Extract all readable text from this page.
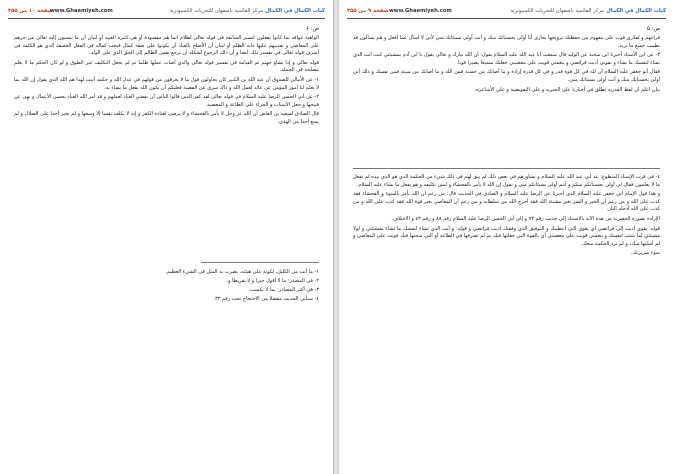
صفحة ۱۰ من ۳۵۵
www.Ghaemiyeh.com	مركز القائمية باصفهان للتحريات الكمبيوترية كتاب الكمال في الكمال

ص: ۶

الواهية عواقه بما كانوا يفعلون لتسير السابقة في قوله تعالى لظلام انما هم مقصودة أو هي كثيرة العبيد أو لبيان أن ما يتسبون إليه تعالى من جرهم على المعاصي و تعذيبهم عليها غاية الظلم أو لبيان أن الأصلح بالعباد أن يكونوا على صفة كمال فيجب كماله في الفعل الخفيفة الذي هو الكلمة في أشرف قوله تعالى في تفسير ذلك أيضا و أن ذلك الرجوع لشكله أن ترجع نفس الظالم إلى الحق الذي على الولد.

قوله تعالى و إذا تشاؤ جهنم ثم القيامة في تفسير قوله تعالى والذي أصاب عملها ظلما ثم لم يجعل التكليف غير الطوق و لو كان الحكم ما لا يعلم مصلحة في الجملة.

١- عن الأمالي للصدوق أن عبد الله بن الكبير كان يحاولون قول ما لا يعرفون من قولهم في عدل الله و حكمه أتيت لهذا هم الله الذي يقول إن الله بما لا يعلم لنا أمور المؤمن عن عائد لعمل الله و ذاك سري عن القضية فعليكم أن يكون الله يفعل ما يشاء به.

٢- عن أبي الحسن الرضا عليه السلام في قوله تعالى لقد كفر الذين قالوا الناس أن يقضي العباد لعملهم و قد أمر الله العباد بحسن الأعمال و نهى عن قبيحها و جعل الأسباب و الجزاء على الطاعة و المعصية.

قال الصادق لسعيد بن العاص أن الله عز وجل لا يأمر بالفحشاء و لا يرضى لعباده الكفر و إنه لا يكلف نفسا إلا وسعها و لم يجبر أحدا على الضلال و لم يمنع أحدا من الهدى.

١- ما أتت من الكليل، لكونه على هيئته، بضرب به المثل في الشيء العظيم.

٢- في المصدر: ما لا أقول خيرا و لا تفريطا و.

٣- في أكثر المصادر: بما لا يكسب.

٤- سيأتي الحديث مفصلا من الاحتجاج تحت رقم ٣٣.

صفحة ۹ من ۳۵۵ www.Ghaemiyeh.com	مركز القائمية باصفهان للتحريات الكمبيوترية كتاب الكمال في الكمال

ص: ۵

فراغهم و يُقدّري قوت على مفهوم بين حفظتك ترويجها يجازى أنا أولى بحسناتك منك و أنت أولى بسيئاتك مني لأنى لا أسأل عما أفعل و هم يسألون قد نظمت جميع ما تريد.

٣- عن ابن الأسناد أخبرنا ابن سحيد عن الوليد قال سمعت أبا عبد الله عليه السلام يقول: أن الله تبارك و تعالى يقول يا ابن آدم بمشيئتي كنت أنت الذي تشاء لنفسك ما تشاء و بقوتي أديت فرائضي و بنعمتي قويت على معصيتي جعلتك سميعا بصيرا قويا.

فقال أبو جعفر عليه السلام أن لله في كل قوة قدر و في كل قدرة إرادة و ما أصابك من حسنة فمن الله و ما أصابك من سيئة فمن نفسك و ذلك أني أولى بحسناتك منك و أنت أولى بسيئاتك مني.

بيان اعلم أن لفظ القدرية يطلق في أخبارنا على الجبرية و على التفويضية و على الأشاعرة.

٤- في قرب الإسناد المتطوع: عد أبي عبد الله عليه السلام و تشاورهم في بعض ذلك لم يبق لهم في ذلك شيء من الحكمة الذي هو الذي بيده لم تفعل ما لا يعلمون فقال لي أولى بحسناتكم منكم و أنتم أولى بسيئاتكم مني و نقول إن الله لا يأمر بالفحشاء و ليس تكليفه و هو يفعل ما يشاء عليه السلام.

و هذا قول الإمام أبي جعفر عليه السلام الذي أخبرنا عن الرضا عليه السلام و الصادق في الحديث قال: من زعم أن الله يأمر بالسوء و الفحشاء فقد كذب على الله و من زعم أن الخير و الشر بغير مشيئة الله فقد أخرج الله من سلطانه و من زعم أن المعاصي بغير قوة الله فقد كذب على الله و من كذب على الله أدخله النار.

الإرادة بصورة الحصرية من هذه الآية بالاستناد إلى حديث رقم ٩٣ و إلى أبي الحسن الرضا عليه السلام رقم ٨٨ و رقم ٤٣ و الاختلاف.

قوله: يقوي أديت إلى فرائضي أي يقوي التي أعطيتك و التوفيق الذي وفقتك أديت فرائضي و قوله: و أنت الذي تشاء لنفسك ما تشاء بمشيئتي و لولا مشيئتي لما شئت لنفسك و بنعمتي قويت على معصيتي أي بالقوة التي جعلتها فيك ثم لم تصرفها في الطاعة أو التي منحتها فيك قويت على المعاصي و لم أسلبها منك، و لم ترد الحكمة منعك.

سوء سريرتك.
